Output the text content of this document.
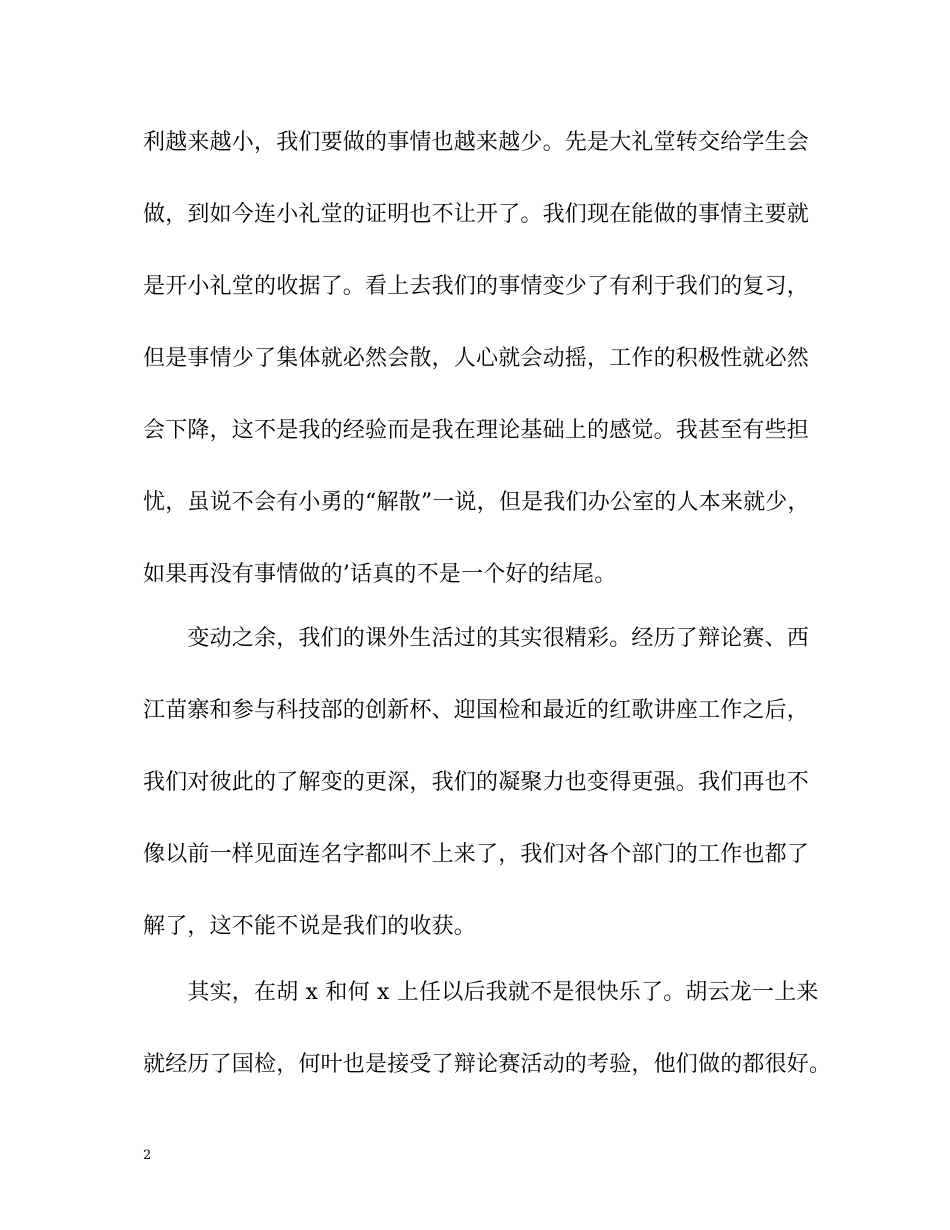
利越来越小，我们要做的事情也越来越少。先是大礼堂转交给学生会
做，到如今连小礼堂的证明也不让开了。我们现在能做的事情主要就
是开小礼堂的收据了。看上去我们的事情变少了有利于我们的复习，
但是事情少了集体就必然会散，人心就会动摇，工作的积极性就必然
会下降，这不是我的经验而是我在理论基础上的感觉。我甚至有些担
忧，虽说不会有小勇的“解散”一说，但是我们办公室的人本来就少，
如果再没有事情做的’话真的不是一个好的结尾。
　　变动之余，我们的课外生活过的其实很精彩。经历了辩论赛、西
江苗寨和参与科技部的创新杯、迎国检和最近的红歌讲座工作之后，
我们对彼此的了解变的更深，我们的凝聚力也变得更强。我们再也不
像以前一样见面连名字都叫不上来了，我们对各个部门的工作也都了
解了，这不能不说是我们的收获。
　　其实，在胡 x 和何 x 上任以后我就不是很快乐了。胡云龙一上来
就经历了国检，何叶也是接受了辩论赛活动的考验，他们做的都很好。
2
